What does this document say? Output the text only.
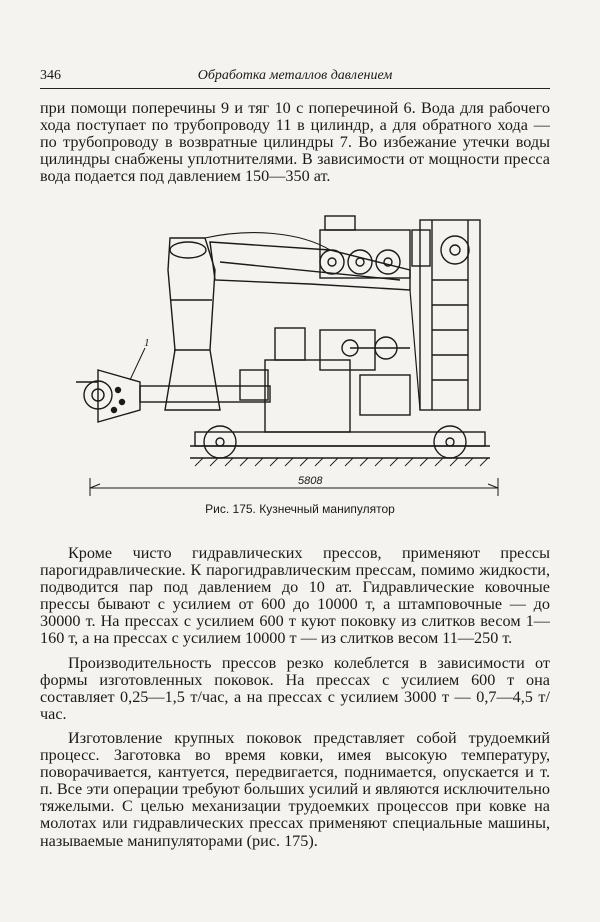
346	Обработка металлов давлением

при помощи поперечины 9 и тяг 10 с поперечиной 6. Вода для рабочего хода поступает по трубопроводу 11 в цилиндр, а для обратного хода — по трубопроводу в возвратные цилиндры 7. Во избежание утечки воды цилиндры снабжены уплотнителями. В зависимости от мощности пресса вода подается под давлением 150—350 ат.

1
5808
Рис. 175. Кузнечный манипулятор

Кроме чисто гидравлических прессов, применяют прессы парогидравлические. К парогидравлическим прессам, помимо жидкости, подводится пар под давлением до 10 ат. Гидравлические ковочные прессы бывают с усилием от 600 до 10000 т, а штамповочные — до 30000 т. На прессах с усилием 600 т куют поковку из слитков весом 1—160 т, а на прессах с усилием 10000 т — из слитков весом 11—250 т.

Производительность прессов резко колеблется в зависимости от формы изготовленных поковок. На прессах с усилием 600 т она составляет 0,25—1,5 т/час, а на прессах с усилием 3000 т — 0,7—4,5 т/час.

Изготовление крупных поковок представляет собой трудоемкий процесс. Заготовка во время ковки, имея высокую температуру, поворачивается, кантуется, передвигается, поднимается, опускается и т. п. Все эти операции требуют больших усилий и являются исключительно тяжелыми. С целью механизации трудоемких процессов при ковке на молотах или гидравлических прессах применяют специальные машины, называемые манипуляторами (рис. 175).
